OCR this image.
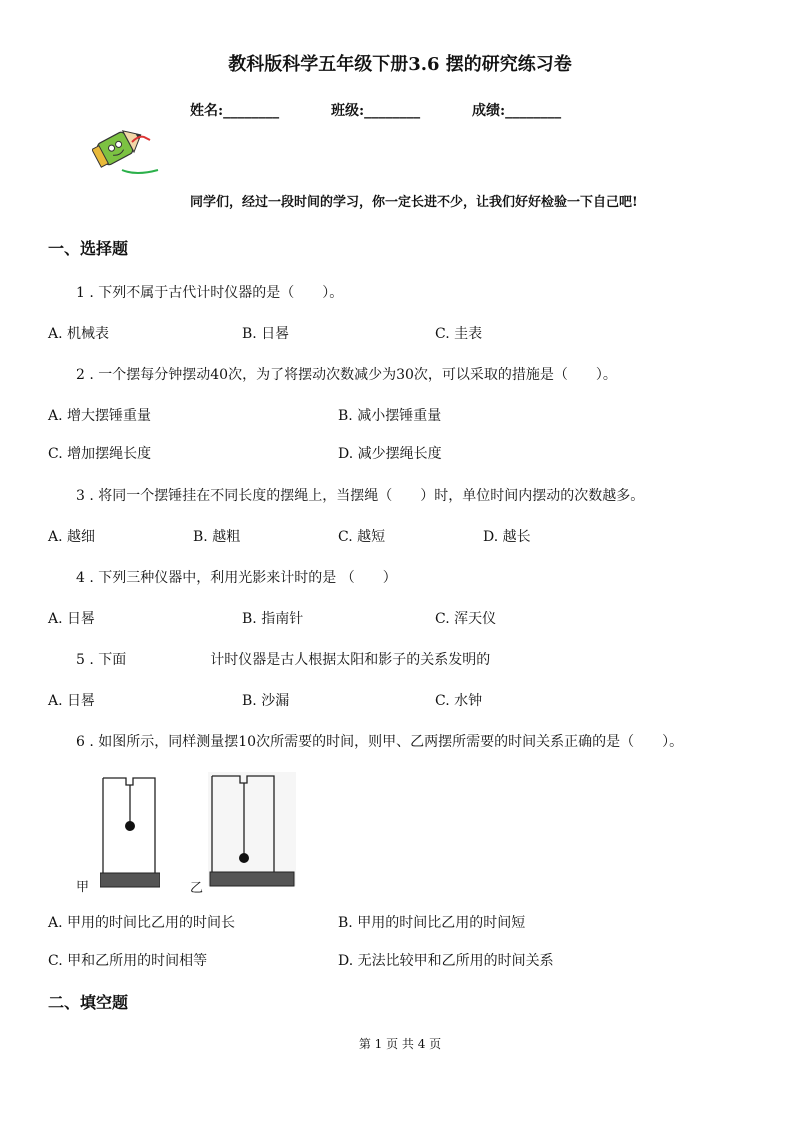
教科版科学五年级下册3.6 摆的研究练习卷
姓名:________	班级:________	成绩:________
同学们，经过一段时间的学习，你一定长进不少，让我们好好检验一下自己吧!
一、选择题
1 . 下列不属于古代计时仪器的是（　　）。
A. 机械表	B. 日晷	C. 圭表
2 . 一个摆每分钟摆动40次，为了将摆动次数减少为30次，可以采取的措施是（　　）。
A. 增大摆锤重量	B. 减小摆锤重量
C. 增加摆绳长度	D. 减少摆绳长度
3 . 将同一个摆锤挂在不同长度的摆绳上，当摆绳（　　）时，单位时间内摆动的次数越多。
A. 越细	B. 越粗	C. 越短	D. 越长
4 . 下列三种仪器中，利用光影来计时的是 （　　）
A. 日晷	B. 指南针	C. 浑天仪
5 . 下面　　　　　　计时仪器是古人根据太阳和影子的关系发明的
A. 日晷	B. 沙漏	C. 水钟
6 . 如图所示，同样测量摆10次所需要的时间，则甲、乙两摆所需要的时间关系正确的是（　　）。
甲	乙
A. 甲用的时间比乙用的时间长	B. 甲用的时间比乙用的时间短
C. 甲和乙所用的时间相等	D. 无法比较甲和乙所用的时间关系
二、填空题
第 1 页 共 4 页
